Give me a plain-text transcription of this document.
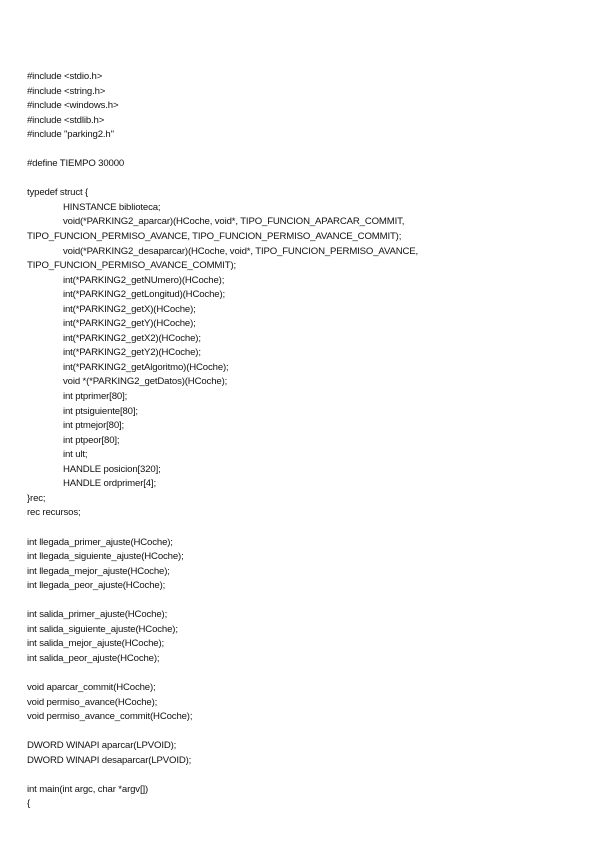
#include <stdio.h>
#include <string.h>
#include <windows.h>
#include <stdlib.h>
#include "parking2.h"
#define TIEMPO 30000
typedef struct {
HINSTANCE biblioteca;
void(*PARKING2_aparcar)(HCoche, void*, TIPO_FUNCION_APARCAR_COMMIT,
TIPO_FUNCION_PERMISO_AVANCE, TIPO_FUNCION_PERMISO_AVANCE_COMMIT);
void(*PARKING2_desaparcar)(HCoche, void*, TIPO_FUNCION_PERMISO_AVANCE,
TIPO_FUNCION_PERMISO_AVANCE_COMMIT);
int(*PARKING2_getNUmero)(HCoche);
int(*PARKING2_getLongitud)(HCoche);
int(*PARKING2_getX)(HCoche);
int(*PARKING2_getY)(HCoche);
int(*PARKING2_getX2)(HCoche);
int(*PARKING2_getY2)(HCoche);
int(*PARKING2_getAlgoritmo)(HCoche);
void *(*PARKING2_getDatos)(HCoche);
int ptprimer[80];
int ptsiguiente[80];
int ptmejor[80];
int ptpeor[80];
int ult;
HANDLE posicion[320];
HANDLE ordprimer[4];
}rec;
rec recursos;
int llegada_primer_ajuste(HCoche);
int llegada_siguiente_ajuste(HCoche);
int llegada_mejor_ajuste(HCoche);
int llegada_peor_ajuste(HCoche);
int salida_primer_ajuste(HCoche);
int salida_siguiente_ajuste(HCoche);
int salida_mejor_ajuste(HCoche);
int salida_peor_ajuste(HCoche);
void aparcar_commit(HCoche);
void permiso_avance(HCoche);
void permiso_avance_commit(HCoche);
DWORD WINAPI aparcar(LPVOID);
DWORD WINAPI desaparcar(LPVOID);
int main(int argc, char *argv[])
{
